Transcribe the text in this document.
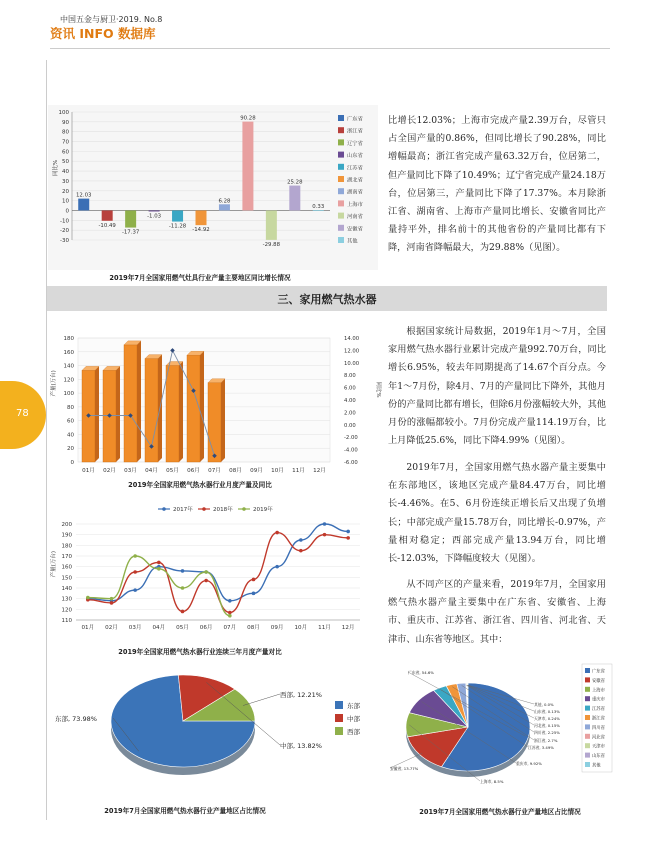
中国五金与厨卫·2019. No.8
资讯 INFO 数据库
78
-30
-20
-10
0
10
20
30
40
50
60
70
80
90
100
同比%
12.03
-10.49
-17.37
-1.03
-11.28
-14.92
6.28
90.28
-29.88
25.28
0.33
广东省
浙江省
辽宁省
山东省
江苏省
湖北省
湖南省
上海市
河南省
安徽省
其他
2019年7月全国家用燃气灶具行业产量主要地区同比增长情况
比增长12.03%；上海市完成产量2.39万台，尽管只占全国产量的0.86%，但同比增长了90.28%，同比增幅最高；浙江省完成产量63.32万台，位居第二，但产量同比下降了10.49%；辽宁省完成产量24.18万台，位居第三，产量同比下降了17.37%。本月除浙江省、湖南省、上海市产量同比增长、安徽省同比产量持平外，排名前十的其他省份的产量同比都有下降，河南省降幅最大，为29.88%（见图）。
三、家用燃气热水器
0
20
40
60
80
100
120
140
160
180	14.00
12.00
10.00
8.00
6.00
4.00
2.00
0.00
-2.00
-4.00
-6.00
产量(万台)	同比%
01月 02月 03月 04月 05月 06月 07月 08月 09月 10月 11月 12月
2019年全国家用燃气热水器行业月度产量及同比
根据国家统计局数据，2019年1月～7月，全国家用燃气热水器行业累计完成产量992.70万台，同比增长6.95%，较去年同期提高了14.67个百分点。今年1～7月份，除4月、7月的产量同比下降外，其他月份的产量同比都有增长，但除6月份涨幅较大外，其他月份的涨幅都较小。7月份完成产量114.19万台，比上月降低25.6%，同比下降4.99%（见图）。
2019年7月，全国家用燃气热水器产量主要集中在东部地区，该地区完成产量84.47万台，同比增长-4.46%。在5、6月份连续正增长后又出现了负增长；中部完成产量15.78万台，同比增长-0.97%，产量相对稳定；西部完成产量13.94万台，同比增长-12.03%，下降幅度较大（见图）。
从不同产区的产量来看，2019年7月，全国家用燃气热水器产量主要集中在广东省、安徽省、上海市、重庆市、江苏省、浙江省、四川省、河北省、天津市、山东省等地区。其中：
110
120
130
140
150
160
170
180
190
200
产量(万台)
01月 02月 03月 04月 05月 06月 07月 08月 09月 10月 11月 12月
2017年	2018年	2019年
2019年全国家用燃气热水器行业连续三年月度产量对比
东部, 73.98%
中部, 13.82%
西部, 12.21%
东部
中部
西部
2019年7月全国家用燃气热水器行业产量地区占比情况
广东省, 54.6%
安徽省, 13.77%
上海市, 8.5%
重庆市, 9.92%
江苏省, 3.49%
浙江省, 2.7%
四川省, 2.25%
河北省, 0.15%
天津市, 0.24%
山东省, 0.13%
其他, 0.0%
广东省
安徽省
上海市
重庆市
江苏省
浙江省
四川省
河北省
天津市
山东省
其他
2019年7月全国家用燃气热水器行业产量地区占比情况
